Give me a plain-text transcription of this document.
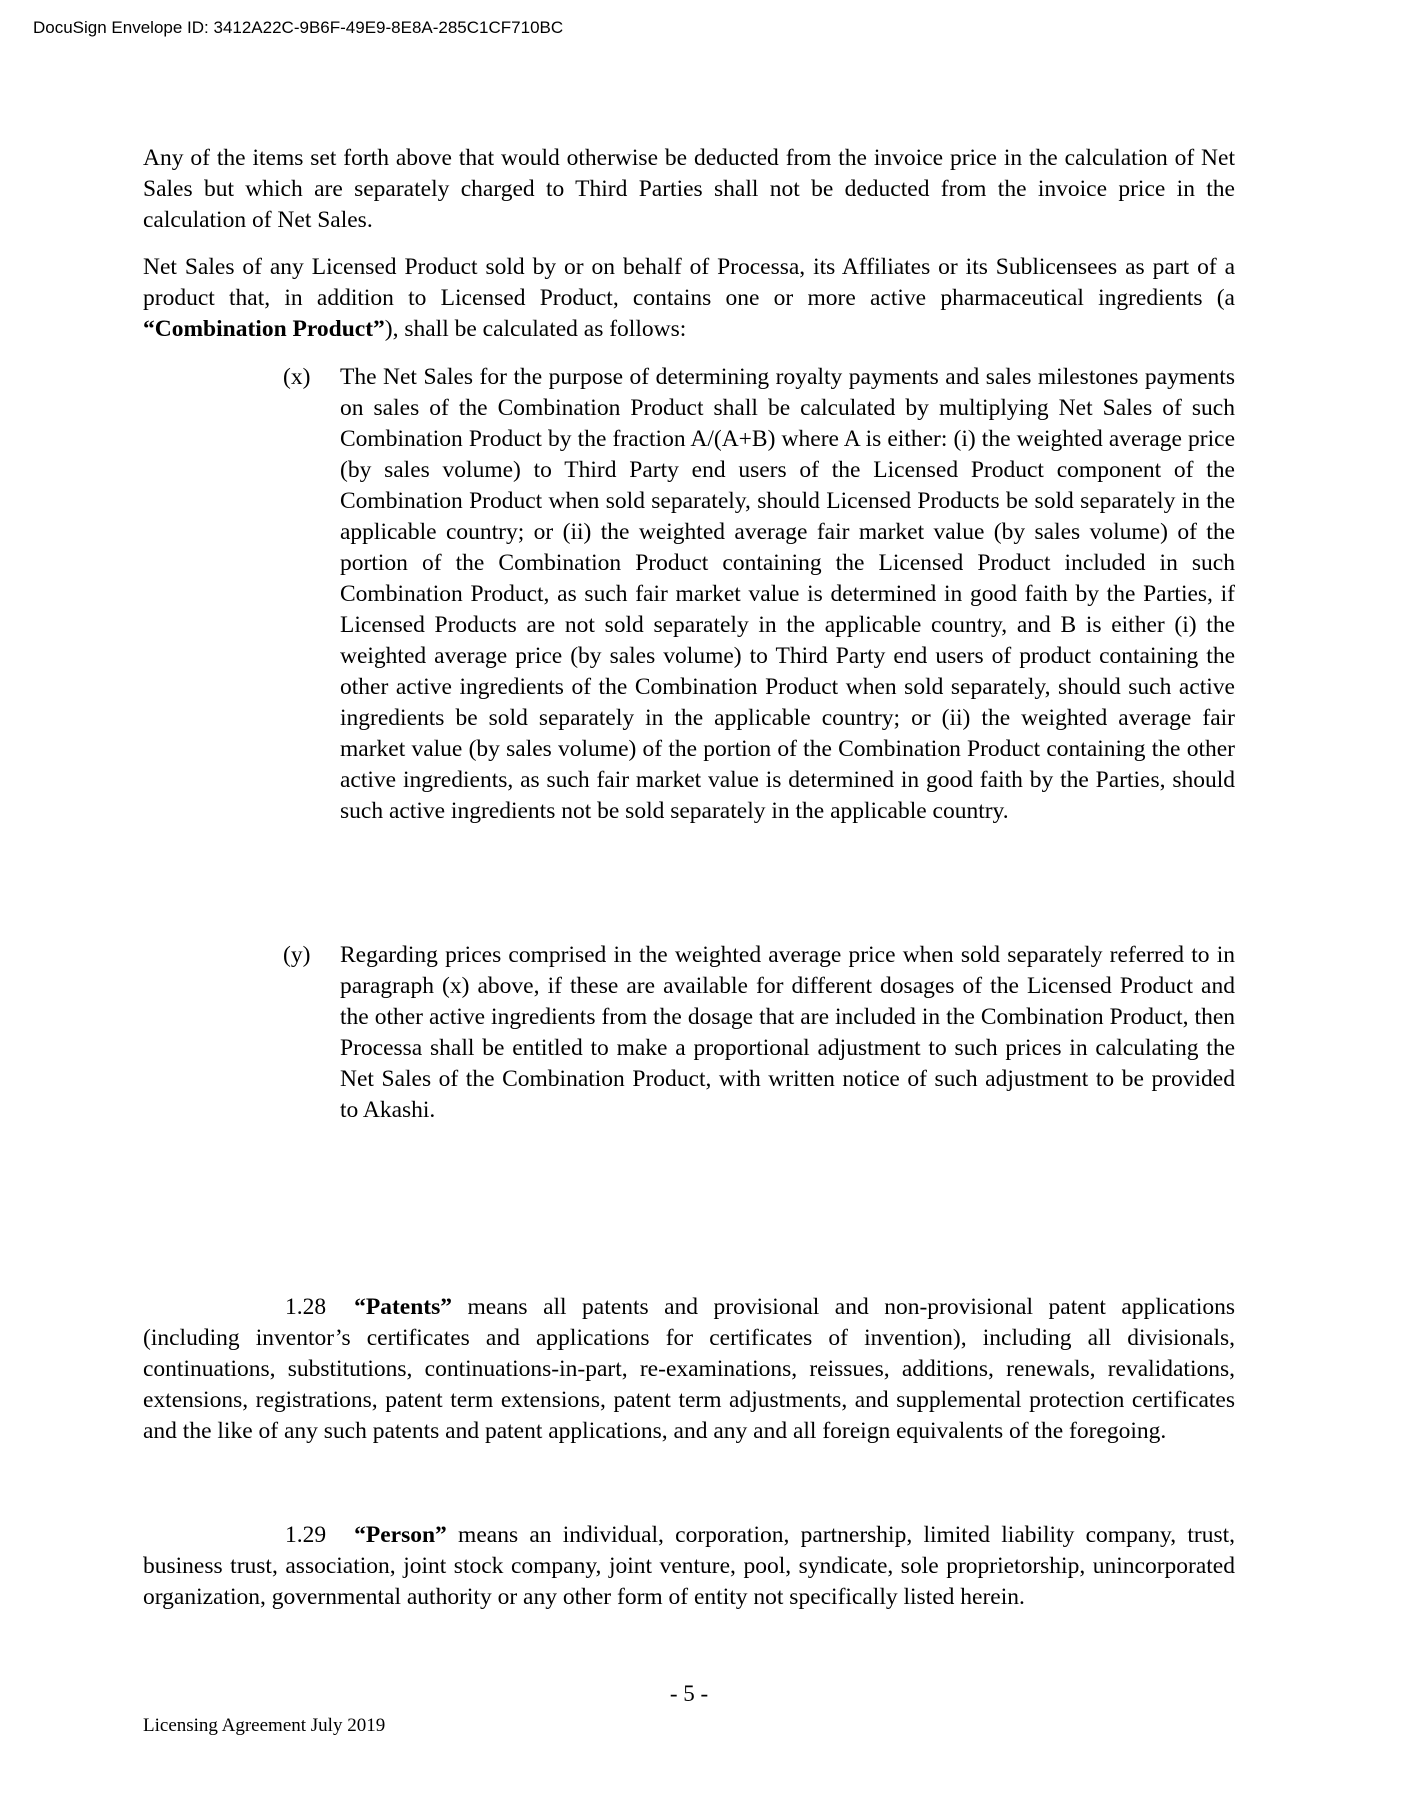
DocuSign Envelope ID: 3412A22C-9B6F-49E9-8E8A-285C1CF710BC

Any of the items set forth above that would otherwise be deducted from the invoice price in the calculation of Net Sales but which are separately charged to Third Parties shall not be deducted from the invoice price in the calculation of Net Sales.

Net Sales of any Licensed Product sold by or on behalf of Processa, its Affiliates or its Sublicensees as part of a product that, in addition to Licensed Product, contains one or more active pharmaceutical ingredients (a “Combination Product”), shall be calculated as follows:

(x) The Net Sales for the purpose of determining royalty payments and sales milestones payments on sales of the Combination Product shall be calculated by multiplying Net Sales of such Combination Product by the fraction A/(A+B) where A is either: (i) the weighted average price (by sales volume) to Third Party end users of the Licensed Product component of the Combination Product when sold separately, should Licensed Products be sold separately in the applicable country; or (ii) the weighted average fair market value (by sales volume) of the portion of the Combination Product containing the Licensed Product included in such Combination Product, as such fair market value is determined in good faith by the Parties, if Licensed Products are not sold separately in the applicable country, and B is either (i) the weighted average price (by sales volume) to Third Party end users of product containing the other active ingredients of the Combination Product when sold separately, should such active ingredients be sold separately in the applicable country; or (ii) the weighted average fair market value (by sales volume) of the portion of the Combination Product containing the other active ingredients, as such fair market value is determined in good faith by the Parties, should such active ingredients not be sold separately in the applicable country.
(y) Regarding prices comprised in the weighted average price when sold separately referred to in paragraph (x) above, if these are available for different dosages of the Licensed Product and the other active ingredients from the dosage that are included in the Combination Product, then Processa shall be entitled to make a proportional adjustment to such prices in calculating the Net Sales of the Combination Product, with written notice of such adjustment to be provided to Akashi.

1.28 “Patents” means all patents and provisional and non-provisional patent applications (including inventor’s certificates and applications for certificates of invention), including all divisionals, continuations, substitutions, continuations-in-part, re-examinations, reissues, additions, renewals, revalidations, extensions, registrations, patent term extensions, patent term adjustments, and supplemental protection certificates and the like of any such patents and patent applications, and any and all foreign equivalents of the foregoing.

1.29 “Person” means an individual, corporation, partnership, limited liability company, trust, business trust, association, joint stock company, joint venture, pool, syndicate, sole proprietorship, unincorporated organization, governmental authority or any other form of entity not specifically listed herein.

- 5 -
Licensing Agreement July 2019
